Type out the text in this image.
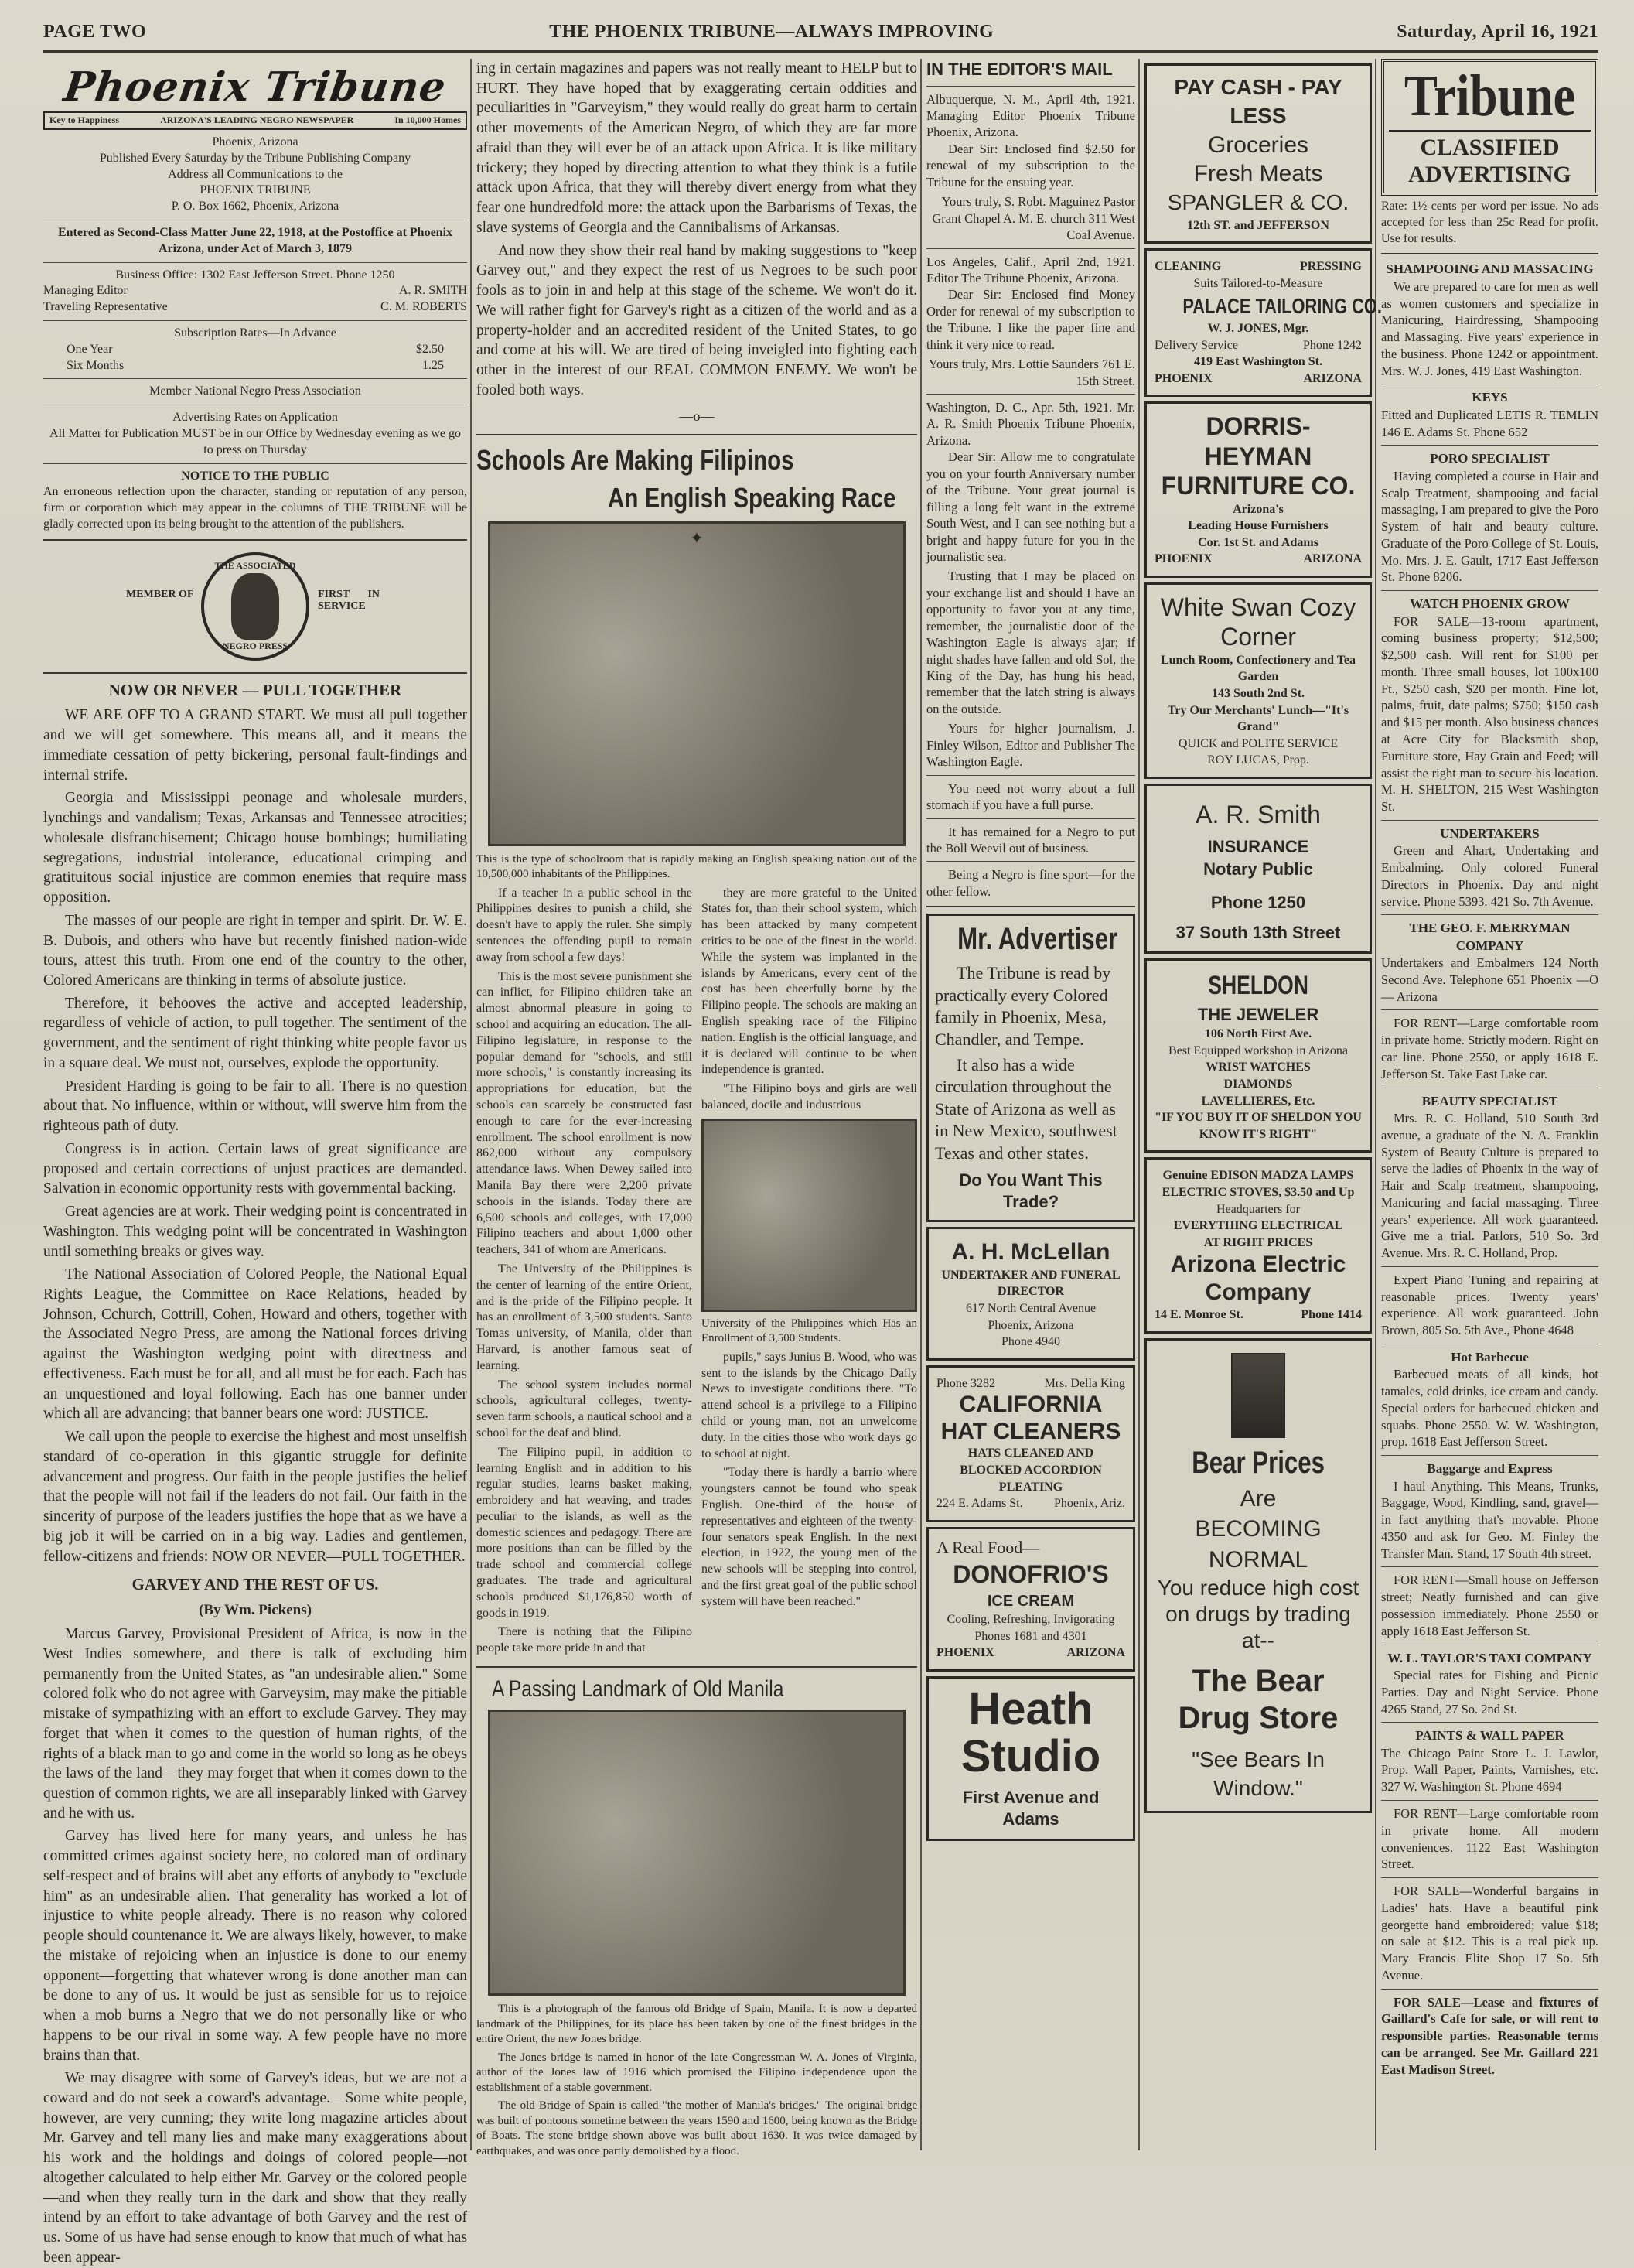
PAGE TWO	THE PHOENIX TRIBUNE—ALWAYS IMPROVING	Saturday, April 16, 1921
Phoenix Tribune
Key to Happiness	ARIZONA'S LEADING NEGRO NEWSPAPER	In 10,000 Homes
Phoenix, Arizona
Published Every Saturday by the Tribune Publishing Company
Address all Communications to the
PHOENIX TRIBUNE
P. O. Box 1662, Phoenix, Arizona
Entered as Second-Class Matter June 22, 1918, at the Postoffice at Phoenix Arizona, under Act of March 3, 1879
Business Office: 1302 East Jefferson Street. Phone 1250
Managing Editor	A. R. SMITH
Traveling Representative	C. M. ROBERTS
Subscription Rates—In Advance
One Year	$2.50
Six Months	1.25
Member National Negro Press Association
Advertising Rates on Application
All Matter for Publication MUST be in our Office by Wednesday evening as we go to press on Thursday
NOTICE TO THE PUBLIC
An erroneous reflection upon the character, standing or reputation of any person, firm or corporation which may appear in the columns of THE TRIBUNE will be gladly corrected upon its being brought to the attention of the publishers.
MEMBER OF
THE ASSOCIATED
NEGRO PRESS
FIRST IN SERVICE
NOW OR NEVER — PULL TOGETHER

WE ARE OFF TO A GRAND START. We must all pull together and we will get somewhere. This means all, and it means the immediate cessation of petty bickering, personal fault-findings and internal strife.

Georgia and Mississippi peonage and wholesale murders, lynchings and vandalism; Texas, Arkansas and Tennessee atrocities; wholesale disfranchisement; Chicago house bombings; humiliating segregations, industrial intolerance, educational crimping and gratituitous social injustice are common enemies that require mass opposition.

The masses of our people are right in temper and spirit. Dr. W. E. B. Dubois, and others who have but recently finished nation-wide tours, attest this truth. From one end of the country to the other, Colored Americans are thinking in terms of absolute justice.

Therefore, it behooves the active and accepted leadership, regardless of vehicle of action, to pull together. The sentiment of the government, and the sentiment of right thinking white people favor us in a square deal. We must not, ourselves, explode the opportunity.

President Harding is going to be fair to all. There is no question about that. No influence, within or without, will swerve him from the righteous path of duty.

Congress is in action. Certain laws of great significance are proposed and certain corrections of unjust practices are demanded. Salvation in economic opportunity rests with governmental backing.

Great agencies are at work. Their wedging point is concentrated in Washington. This wedging point will be concentrated in Washington until something breaks or gives way.

The National Association of Colored People, the National Equal Rights League, the Committee on Race Relations, headed by Johnson, Cchurch, Cottrill, Cohen, Howard and others, together with the Associated Negro Press, are among the National forces driving against the Washington wedging point with directness and effectiveness. Each must be for all, and all must be for each. Each has an unquestioned and loyal following. Each has one banner under which all are advancing; that banner bears one word: JUSTICE.

We call upon the people to exercise the highest and most unselfish standard of co-operation in this gigantic struggle for definite advancement and progress. Our faith in the people justifies the belief that the people will not fail if the leaders do not fail. Our faith in the sincerity of purpose of the leaders justifies the hope that as we have a big job it will be carried on in a big way. Ladies and gentlemen, fellow-citizens and friends: NOW OR NEVER—PULL TOGETHER.

GARVEY AND THE REST OF US.
(By Wm. Pickens)

Marcus Garvey, Provisional President of Africa, is now in the West Indies somewhere, and there is talk of excluding him permanently from the United States, as "an undesirable alien." Some colored folk who do not agree with Garveysim, may make the pitiable mistake of sympathizing with an effort to exclude Garvey. They may forget that when it comes to the question of human rights, of the rights of a black man to go and come in the world so long as he obeys the laws of the land—they may forget that when it comes down to the question of common rights, we are all inseparably linked with Garvey and he with us.

Garvey has lived here for many years, and unless he has committed crimes against society here, no colored man of ordinary self-respect and of brains will abet any efforts of anybody to "exclude him" as an undesirable alien. That generality has worked a lot of injustice to white people already. There is no reason why colored people should countenance it. We are always likely, however, to make the mistake of rejoicing when an injustice is done to our enemy opponent—forgetting that whatever wrong is done another man can be done to any of us. It would be just as sensible for us to rejoice when a mob burns a Negro that we do not personally like or who happens to be our rival in some way. A few people have no more brains than that.

We may disagree with some of Garvey's ideas, but we are not a coward and do not seek a coward's advantage.—Some white people, however, are very cunning; they write long magazine articles about Mr. Garvey and tell many lies and make many exaggerations about his work and the holdings and doings of colored people—not altogether calculated to help either Mr. Garvey or the colored people—and when they really turn in the dark and show that they really intend by an effort to take advantage of both Garvey and the rest of us. Some of us have had sense enough to know that much of what has been appear-

ing in certain magazines and papers was not really meant to HELP but to HURT. They have hoped that by exaggerating certain oddities and peculiarities in "Garveyism," they would really do great harm to certain other movements of the American Negro, of which they are far more afraid than they will ever be of an attack upon Africa. It is like military trickery; they hoped by directing attention to what they think is a futile attack upon Africa, that they will thereby divert energy from what they fear one hundredfold more: the attack upon the Barbarisms of Texas, the slave systems of Georgia and the Cannibalisms of Arkansas.

And now they show their real hand by making suggestions to "keep Garvey out," and they expect the rest of us Negroes to be such poor fools as to join in and help at this stage of the scheme. We won't do it. We will rather fight for Garvey's right as a citizen of the world and as a property-holder and an accredited resident of the United States, to go and come at his will. We are tired of being inveigled into fighting each other in the interest of our REAL COMMON ENEMY. We won't be fooled both ways.

—o—
Schools Are Making Filipinos
An English Speaking Race
✦
This is the type of schoolroom that is rapidly making an English speaking nation out of the 10,500,000 inhabitants of the Philippines.

If a teacher in a public school in the Philippines desires to punish a child, she doesn't have to apply the ruler. She simply sentences the offending pupil to remain away from school a few days!

This is the most severe punishment she can inflict, for Filipino children take an almost abnormal pleasure in going to school and acquiring an education. The all-Filipino legislature, in response to the popular demand for "schools, and still more schools," is constantly increasing its appropriations for education, but the schools can scarcely be constructed fast enough to care for the ever-increasing enrollment. The school enrollment is now 862,000 without any compulsory attendance laws. When Dewey sailed into Manila Bay there were 2,200 private schools in the islands. Today there are 6,500 schools and colleges, with 17,000 Filipino teachers and about 1,000 other teachers, 341 of whom are Americans.

The University of the Philippines is the center of learning of the entire Orient, and is the pride of the Filipino people. It has an enrollment of 3,500 students. Santo Tomas university, of Manila, older than Harvard, is another famous seat of learning.

The school system includes normal schools, agricultural colleges, twenty-seven farm schools, a nautical school and a school for the deaf and blind.

The Filipino pupil, in addition to learning English and in addition to his regular studies, learns basket making, embroidery and hat weaving, and trades peculiar to the islands, as well as the domestic sciences and pedagogy. There are more positions than can be filled by the trade school and commercial college graduates. The trade and agricultural schools produced $1,176,850 worth of goods in 1919.

There is nothing that the Filipino people take more pride in and that

they are more grateful to the United States for, than their school system, which has been attacked by many competent critics to be one of the finest in the world. While the system was implanted in the islands by Americans, every cent of the cost has been cheerfully borne by the Filipino people. The schools are making an English speaking race of the Filipino nation. English is the official language, and it is declared will continue to be when independence is granted.

"The Filipino boys and girls are well balanced, docile and industrious

University of the Philippines which Has an Enrollment of 3,500 Students.

pupils," says Junius B. Wood, who was sent to the islands by the Chicago Daily News to investigate conditions there. "To attend school is a privilege to a Filipino child or young man, not an unwelcome duty. In the cities those who work days go to school at night.

"Today there is hardly a barrio where youngsters cannot be found who speak English. One-third of the house of representatives and eighteen of the twenty-four senators speak English. In the next election, in 1922, the young men of the new schools will be stepping into control, and the first great goal of the public school system will have been reached."

A Passing Landmark of Old Manila

This is a photograph of the famous old Bridge of Spain, Manila. It is now a departed landmark of the Philippines, for its place has been taken by one of the finest bridges in the entire Orient, the new Jones bridge.

The Jones bridge is named in honor of the late Congressman W. A. Jones of Virginia, author of the Jones law of 1916 which promised the Filipino independence upon the establishment of a stable government.

The old Bridge of Spain is called "the mother of Manila's bridges." The original bridge was built of pontoons sometime between the years 1590 and 1600, being known as the Bridge of Boats. The stone bridge shown above was built about 1630. It was twice damaged by earthquakes, and was once partly demolished by a flood.

IN THE EDITOR'S MAIL

Albuquerque, N. M., April 4th, 1921. Managing Editor Phoenix Tribune Phoenix, Arizona.

Dear Sir: Enclosed find $2.50 for renewal of my subscription to the Tribune for the ensuing year.

Yours truly, S. Robt. Maguinez Pastor Grant Chapel A. M. E. church 311 West Coal Avenue.

Los Angeles, Calif., April 2nd, 1921. Editor The Tribune Phoenix, Arizona.

Dear Sir: Enclosed find Money Order for renewal of my subscription to the Tribune. I like the paper fine and think it very nice to read.

Yours truly, Mrs. Lottie Saunders 761 E. 15th Street.

Washington, D. C., Apr. 5th, 1921. Mr. A. R. Smith Phoenix Tribune Phoenix, Arizona.

Dear Sir: Allow me to congratulate you on your fourth Anniversary number of the Tribune. Your great journal is filling a long felt want in the extreme South West, and I can see nothing but a bright and happy future for you in the journalistic sea.

Trusting that I may be placed on your exchange list and should I have an opportunity to favor you at any time, remember, the journalistic door of the Washington Eagle is always ajar; if night shades have fallen and old Sol, the King of the Day, has hung his head, remember that the latch string is always on the outside.

Yours for higher journalism, J. Finley Wilson, Editor and Publisher The Washington Eagle.

You need not worry about a full stomach if you have a full purse.

It has remained for a Negro to put the Boll Weevil out of business.

Being a Negro is fine sport—for the other fellow.

Mr. Advertiser

The Tribune is read by practically every Colored family in Phoenix, Mesa, Chandler, and Tempe.

It also has a wide circulation throughout the State of Arizona as well as in New Mexico, southwest Texas and other states.

Do You Want This Trade?
A. H. McLellan
UNDERTAKER AND FUNERAL DIRECTOR
617 North Central Avenue
Phoenix, Arizona
Phone 4940
Phone 3282	Mrs. Della King
CALIFORNIA HAT CLEANERS
HATS CLEANED AND BLOCKED ACCORDION PLEATING
224 E. Adams St.	Phoenix, Ariz.
A Real Food—
DONOFRIO'S
ICE CREAM
Cooling, Refreshing, Invigorating Phones 1681 and 4301
PHOENIX	ARIZONA
Heath Studio
First Avenue and Adams
PAY CASH - PAY LESS
Groceries
Fresh Meats
SPANGLER & CO.
12th ST. and JEFFERSON
CLEANING	PRESSING
Suits Tailored-to-Measure
PALACE TAILORING CO.
W. J. JONES, Mgr.
Delivery Service	Phone 1242
419 East Washington St.
PHOENIX	ARIZONA
DORRIS-HEYMAN FURNITURE CO.
Arizona's
Leading House Furnishers
Cor. 1st St. and Adams
PHOENIX	ARIZONA
White Swan Cozy Corner
Lunch Room, Confectionery and Tea Garden
143 South 2nd St.
Try Our Merchants' Lunch—"It's Grand"
QUICK and POLITE SERVICE
ROY LUCAS, Prop.
A. R. Smith
INSURANCE
Notary Public
Phone 1250
37 South 13th Street
SHELDON
THE JEWELER
106 North First Ave.
Best Equipped workshop in Arizona
WRIST WATCHES
DIAMONDS
LAVELLIERES, Etc.
"IF YOU BUY IT OF SHELDON YOU KNOW IT'S RIGHT"
Genuine EDISON MADZA LAMPS
ELECTRIC STOVES, $3.50 and Up
Headquarters for
EVERYTHING ELECTRICAL
AT RIGHT PRICES
Arizona Electric Company
14 E. Monroe St.	Phone 1414
Bear Prices
Are
BECOMING
NORMAL
You reduce high cost on drugs by trading at--
The Bear Drug Store
"See Bears In Window."
Tribune
CLASSIFIED ADVERTISING
Rate: 1½ cents per word per issue. No ads accepted for less than 25c Read for profit. Use for results.
SHAMPOOING AND MASSACING
We are prepared to care for men as well as women customers and specialize in Manicuring, Hairdressing, Shampooing and Massaging. Five years' experience in the business. Phone 1242 or appointment. Mrs. W. J. Jones, 419 East Washington.
KEYS
Fitted and Duplicated LETIS R. TEMLIN 146 E. Adams St. Phone 652
PORO SPECIALIST
Having completed a course in Hair and Scalp Treatment, shampooing and facial massaging, I am prepared to give the Poro System of hair and beauty culture. Graduate of the Poro College of St. Louis, Mo. Mrs. J. E. Gault, 1717 East Jefferson St. Phone 8206.
WATCH PHOENIX GROW
FOR SALE—13-room apartment, coming business property; $12,500; $2,500 cash. Will rent for $100 per month. Three small houses, lot 100x100 Ft., $250 cash, $20 per month. Fine lot, palms, fruit, date palms; $750; $150 cash and $15 per month. Also business chances at Acre City for Blacksmith shop, Furniture store, Hay Grain and Feed; will assist the right man to secure his location. M. H. SHELTON, 215 West Washington St.
UNDERTAKERS
Green and Ahart, Undertaking and Embalming. Only colored Funeral Directors in Phoenix. Day and night service. Phone 5393. 421 So. 7th Avenue.
THE GEO. F. MERRYMAN COMPANY
Undertakers and Embalmers 124 North Second Ave. Telephone 651 Phoenix —O— Arizona
FOR RENT—Large comfortable room in private home. Strictly modern. Right on car line. Phone 2550, or apply 1618 E. Jefferson St. Take East Lake car.
BEAUTY SPECIALIST
Mrs. R. C. Holland, 510 South 3rd avenue, a graduate of the N. A. Franklin System of Beauty Culture is prepared to serve the ladies of Phoenix in the way of Hair and Scalp treatment, shampooing, Manicuring and facial massaging. Three years' experience. All work guaranteed. Give me a trial. Parlors, 510 So. 3rd Avenue. Mrs. R. C. Holland, Prop.
Expert Piano Tuning and repairing at reasonable prices. Twenty years' experience. All work guaranteed. John Brown, 805 So. 5th Ave., Phone 4648
Hot Barbecue
Barbecued meats of all kinds, hot tamales, cold drinks, ice cream and candy. Special orders for barbecued chicken and squabs. Phone 2550. W. W. Washington, prop. 1618 East Jefferson Street.
Baggarge and Express
I haul Anything. This Means, Trunks, Baggage, Wood, Kindling, sand, gravel—in fact anything that's movable. Phone 4350 and ask for Geo. M. Finley the Transfer Man. Stand, 17 South 4th street.
FOR RENT—Small house on Jefferson street; Neatly furnished and can give possession immediately. Phone 2550 or apply 1618 East Jefferson St.
W. L. TAYLOR'S TAXI COMPANY
Special rates for Fishing and Picnic Parties. Day and Night Service. Phone 4265 Stand, 27 So. 2nd St.
PAINTS & WALL PAPER
The Chicago Paint Store L. J. Lawlor, Prop. Wall Paper, Paints, Varnishes, etc. 327 W. Washington St. Phone 4694
FOR RENT—Large comfortable room in private home. All modern conveniences. 1122 East Washington Street.
FOR SALE—Wonderful bargains in Ladies' hats. Have a beautiful pink georgette hand embroidered; value $18; on sale at $12. This is a real pick up. Mary Francis Elite Shop 17 So. 5th Avenue.
FOR SALE—Lease and fixtures of Gaillard's Cafe for sale, or will rent to responsible parties. Reasonable terms can be arranged. See Mr. Gaillard 221 East Madison Street.
